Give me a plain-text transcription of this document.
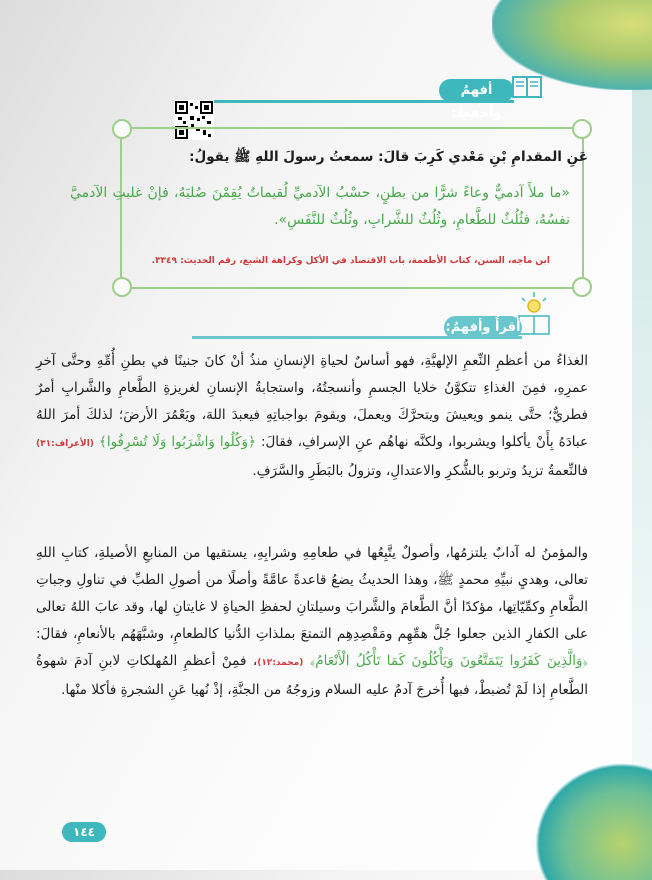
أفهمُ وأحفظُ:
عَنِ المقدامِ بْنِ مَعْدي كَرِبَ قالَ: سمعتُ رسولَ اللهِ ﷺ يقولُ:
«ما ملأَ آدميٌّ وعاءً شرًّا من بطنٍ، حسْبُ الآدميِّ لُقيماتٌ يُقِمْنَ صُلبَهُ، فإنْ غلبتِ الآدميَّ نفسُهُ، فثُلُثٌ للطَّعامِ، وثُلُثٌ للشَّرابِ، وثُلُثٌ للنَّفَسِ».
ابن ماجه، السنن، كتاب الأطعمة، باب الاقتصاد في الأكل وكراهة الشبع، رقم الحديث: ٣٣٤٩.
أقرأُ وأفهمُ:

الغذاءُ من أعظمِ النِّعمِ الإلهيَّةِ، فهو أساسٌ لحياةِ الإنسانِ منذُ أنْ كانَ جنينًا في بطنِ أُمِّهِ وحتَّى آخرِ عمرِهِ، فمِنَ الغذاءِ تتكوَّنُ خلايا الجسمِ وأنسجتُهُ، واستجابةُ الإنسانِ لغريزةِ الطَّعامِ والشَّرابِ أمرٌ فطريٌّ؛ حتَّى ينمو ويعيشَ ويتحرَّكَ ويعملَ، ويقومَ بواجباتِهِ فيعبدَ اللهَ، ويَعْمُرَ الأرضَ؛ لذلكَ أمرَ اللهُ عبادَهُ بِأَنْ يأكلوا ويشربوا، ولكنَّه نهاهُم عنِ الإسرافِ، فقالَ: ﴿وَكُلُوا وَاشْرَبُوا وَلَا تُسْرِفُوا﴾ (الأعراف:٣١) فالنِّعمةُ تزيدُ وتربو بالشُّكرِ والاعتدالِ، وتزولُ بالبَطَرِ والسَّرَفِ.

والمؤمنُ له آدابٌ يلتزمُها، وأصولٌ يتَّبِعُها في طعامِهِ وشرابِهِ، يستقيها من المنابعِ الأصيلةِ، كتابِ اللهِ تعالى، وهديِ نبيِّهِ محمدٍ ﷺ، وهذا الحديثُ يضعُ قاعدةً عامَّةً وأصلًا من أصولِ الطبِّ في تناولِ وجباتِ الطَّعامِ وكمِّيّاتِها، مؤكدًا أنَّ الطَّعامَ والشَّرابَ وسيلتانِ لحفظِ الحياةِ لا غايتانِ لها، وقد عابَ اللهُ تعالى على الكفارِ الذين جعلوا جُلَّ همِّهِم ومَقْصِدِهِم التمتعَ بملذاتِ الدُّنيا كالطعامِ، وشبَّهَهُم بالأنعامِ، فقالَ: ﴿وَالَّذِينَ كَفَرُوا يَتَمَتَّعُونَ وَيَأْكُلُونَ كَمَا تَأْكُلُ الْأَنْعَامُ﴾ (محمد:١٢)، فمِنْ أعظمِ المُهلكاتِ لابنِ آدمَ شهوةُ الطَّعامِ إذا لَمْ تُضبطْ، فبها أُخرجَ آدمُ عليه السلام وزوجُهُ من الجنَّةِ، إذْ نُهيا عَنِ الشجرةِ فأكلا منْها.

١٤٤
